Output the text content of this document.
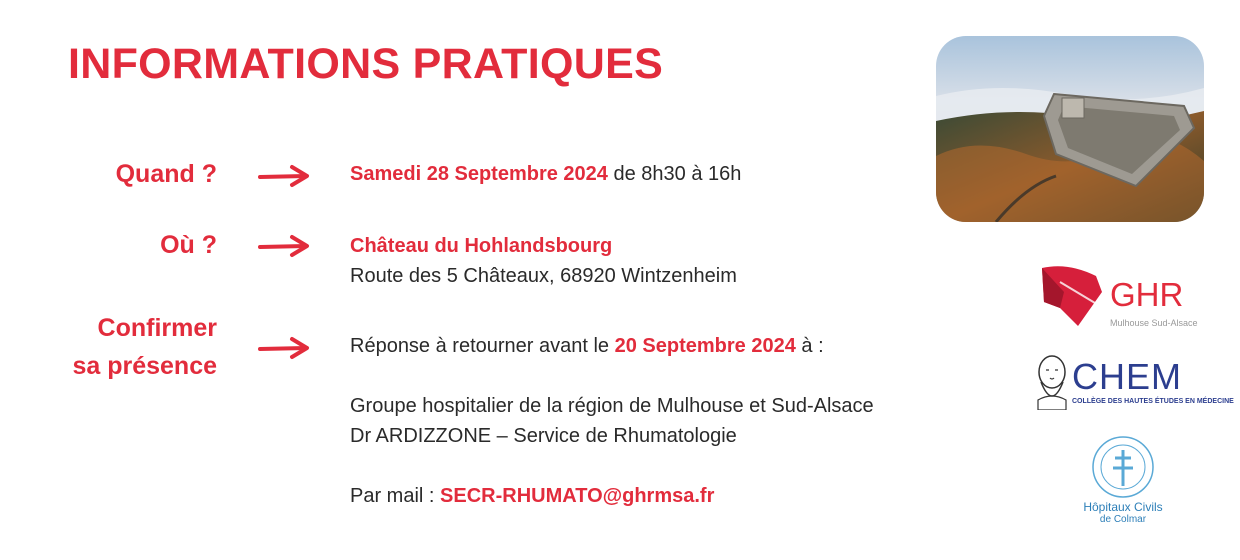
INFORMATIONS PRATIQUES
Quand ?	Samedi 28 Septembre 2024 de 8h30 à 16h
Où ?	Château du Hohlandsbourg
Route des 5 Châteaux, 68920 Wintzenheim
Confirmer
sa présence
Réponse à retourner avant le 20 Septembre 2024 à :
Groupe hospitalier de la région de Mulhouse et Sud-Alsace
Dr ARDIZZONE – Service de Rhumatologie
Par mail : SECR-RHUMATO@ghrmsa.fr
GHR
Mulhouse Sud-Alsace
CHEM
COLLÈGE DES HAUTES ÉTUDES EN MÉDECINE
Hôpitaux Civils
de Colmar
